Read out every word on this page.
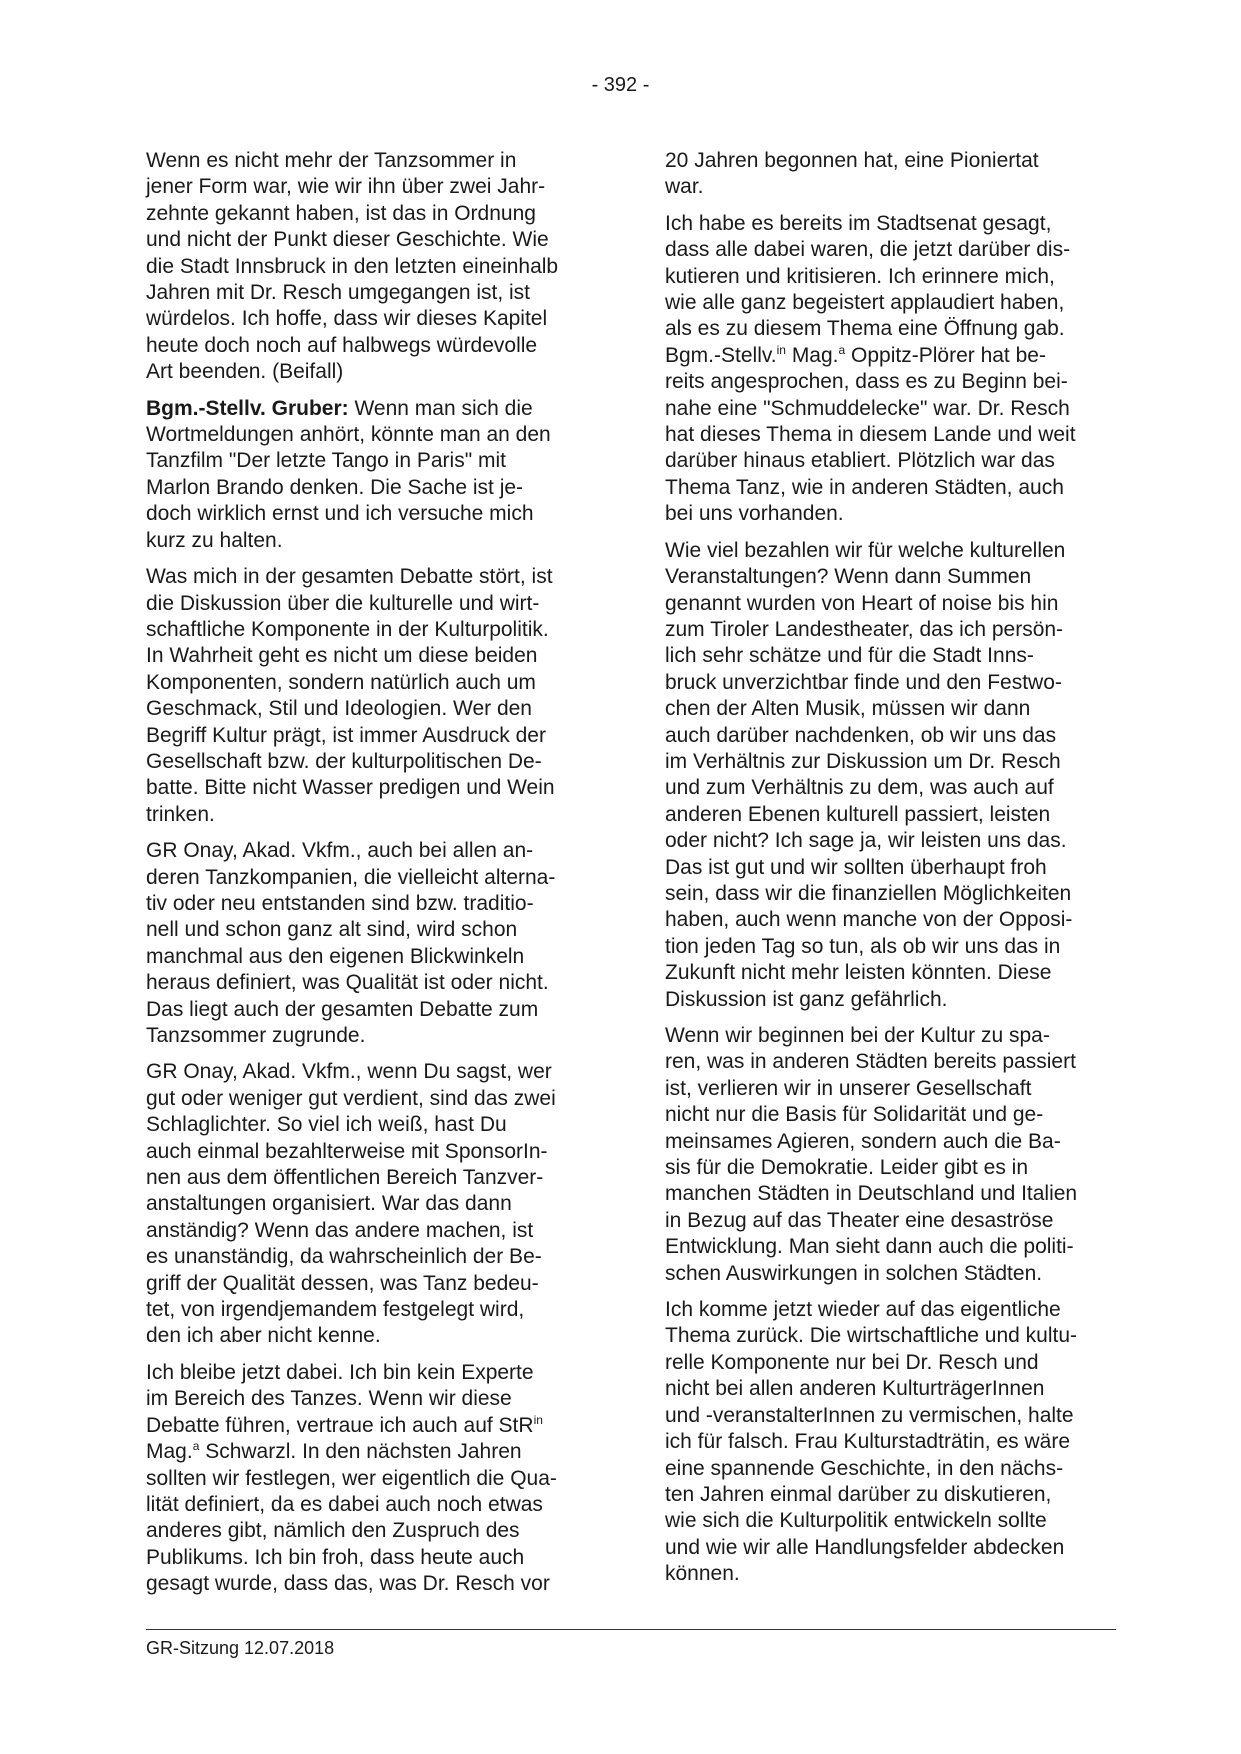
- 392 -

Wenn es nicht mehr der Tanzsommer in
jener Form war, wie wir ihn über zwei Jahr-
zehnte gekannt haben, ist das in Ordnung
und nicht der Punkt dieser Geschichte. Wie
die Stadt Innsbruck in den letzten eineinhalb
Jahren mit Dr. Resch umgegangen ist, ist
würdelos. Ich hoffe, dass wir dieses Kapitel
heute doch noch auf halbwegs würdevolle
Art beenden. (Beifall)

Bgm.-Stellv. Gruber: Wenn man sich die
Wortmeldungen anhört, könnte man an den
Tanzfilm "Der letzte Tango in Paris" mit
Marlon Brando denken. Die Sache ist je-
doch wirklich ernst und ich versuche mich
kurz zu halten.

Was mich in der gesamten Debatte stört, ist
die Diskussion über die kulturelle und wirt-
schaftliche Komponente in der Kulturpolitik.
In Wahrheit geht es nicht um diese beiden
Komponenten, sondern natürlich auch um
Geschmack, Stil und Ideologien. Wer den
Begriff Kultur prägt, ist immer Ausdruck der
Gesellschaft bzw. der kulturpolitischen De-
batte. Bitte nicht Wasser predigen und Wein
trinken.

GR Onay, Akad. Vkfm., auch bei allen an-
deren Tanzkompanien, die vielleicht alterna-
tiv oder neu entstanden sind bzw. traditio-
nell und schon ganz alt sind, wird schon
manchmal aus den eigenen Blickwinkeln
heraus definiert, was Qualität ist oder nicht.
Das liegt auch der gesamten Debatte zum
Tanzsommer zugrunde.

GR Onay, Akad. Vkfm., wenn Du sagst, wer
gut oder weniger gut verdient, sind das zwei
Schlaglichter. So viel ich weiß, hast Du
auch einmal bezahlterweise mit SponsorIn-
nen aus dem öffentlichen Bereich Tanzver-
anstaltungen organisiert. War das dann
anständig? Wenn das andere machen, ist
es unanständig, da wahrscheinlich der Be-
griff der Qualität dessen, was Tanz bedeu-
tet, von irgendjemandem festgelegt wird,
den ich aber nicht kenne.

Ich bleibe jetzt dabei. Ich bin kein Experte
im Bereich des Tanzes. Wenn wir diese
Debatte führen, vertraue ich auch auf StR$^{in}$
Mag.$^a$ Schwarzl. In den nächsten Jahren
sollten wir festlegen, wer eigentlich die Qua-
lität definiert, da es dabei auch noch etwas
anderes gibt, nämlich den Zuspruch des
Publikums. Ich bin froh, dass heute auch
gesagt wurde, dass das, was Dr. Resch vor

20 Jahren begonnen hat, eine Pioniertat
war.

Ich habe es bereits im Stadtsenat gesagt,
dass alle dabei waren, die jetzt darüber dis-
kutieren und kritisieren. Ich erinnere mich,
wie alle ganz begeistert applaudiert haben,
als es zu diesem Thema eine Öffnung gab.
Bgm.-Stellv.$^{in}$ Mag.$^a$ Oppitz-Plörer hat be-
reits angesprochen, dass es zu Beginn bei-
nahe eine "Schmuddelecke" war. Dr. Resch
hat dieses Thema in diesem Lande und weit
darüber hinaus etabliert. Plötzlich war das
Thema Tanz, wie in anderen Städten, auch
bei uns vorhanden.

Wie viel bezahlen wir für welche kulturellen
Veranstaltungen? Wenn dann Summen
genannt wurden von Heart of noise bis hin
zum Tiroler Landestheater, das ich persön-
lich sehr schätze und für die Stadt Inns-
bruck unverzichtbar finde und den Festwo-
chen der Alten Musik, müssen wir dann
auch darüber nachdenken, ob wir uns das
im Verhältnis zur Diskussion um Dr. Resch
und zum Verhältnis zu dem, was auch auf
anderen Ebenen kulturell passiert, leisten
oder nicht? Ich sage ja, wir leisten uns das.
Das ist gut und wir sollten überhaupt froh
sein, dass wir die finanziellen Möglichkeiten
haben, auch wenn manche von der Opposi-
tion jeden Tag so tun, als ob wir uns das in
Zukunft nicht mehr leisten könnten. Diese
Diskussion ist ganz gefährlich.

Wenn wir beginnen bei der Kultur zu spa-
ren, was in anderen Städten bereits passiert
ist, verlieren wir in unserer Gesellschaft
nicht nur die Basis für Solidarität und ge-
meinsames Agieren, sondern auch die Ba-
sis für die Demokratie. Leider gibt es in
manchen Städten in Deutschland und Italien
in Bezug auf das Theater eine desaströse
Entwicklung. Man sieht dann auch die politi-
schen Auswirkungen in solchen Städten.

Ich komme jetzt wieder auf das eigentliche
Thema zurück. Die wirtschaftliche und kultu-
relle Komponente nur bei Dr. Resch und
nicht bei allen anderen KulturträgerInnen
und -veranstalterInnen zu vermischen, halte
ich für falsch. Frau Kulturstadträtin, es wäre
eine spannende Geschichte, in den nächs-
ten Jahren einmal darüber zu diskutieren,
wie sich die Kulturpolitik entwickeln sollte
und wie wir alle Handlungsfelder abdecken
können.

GR-Sitzung 12.07.2018
